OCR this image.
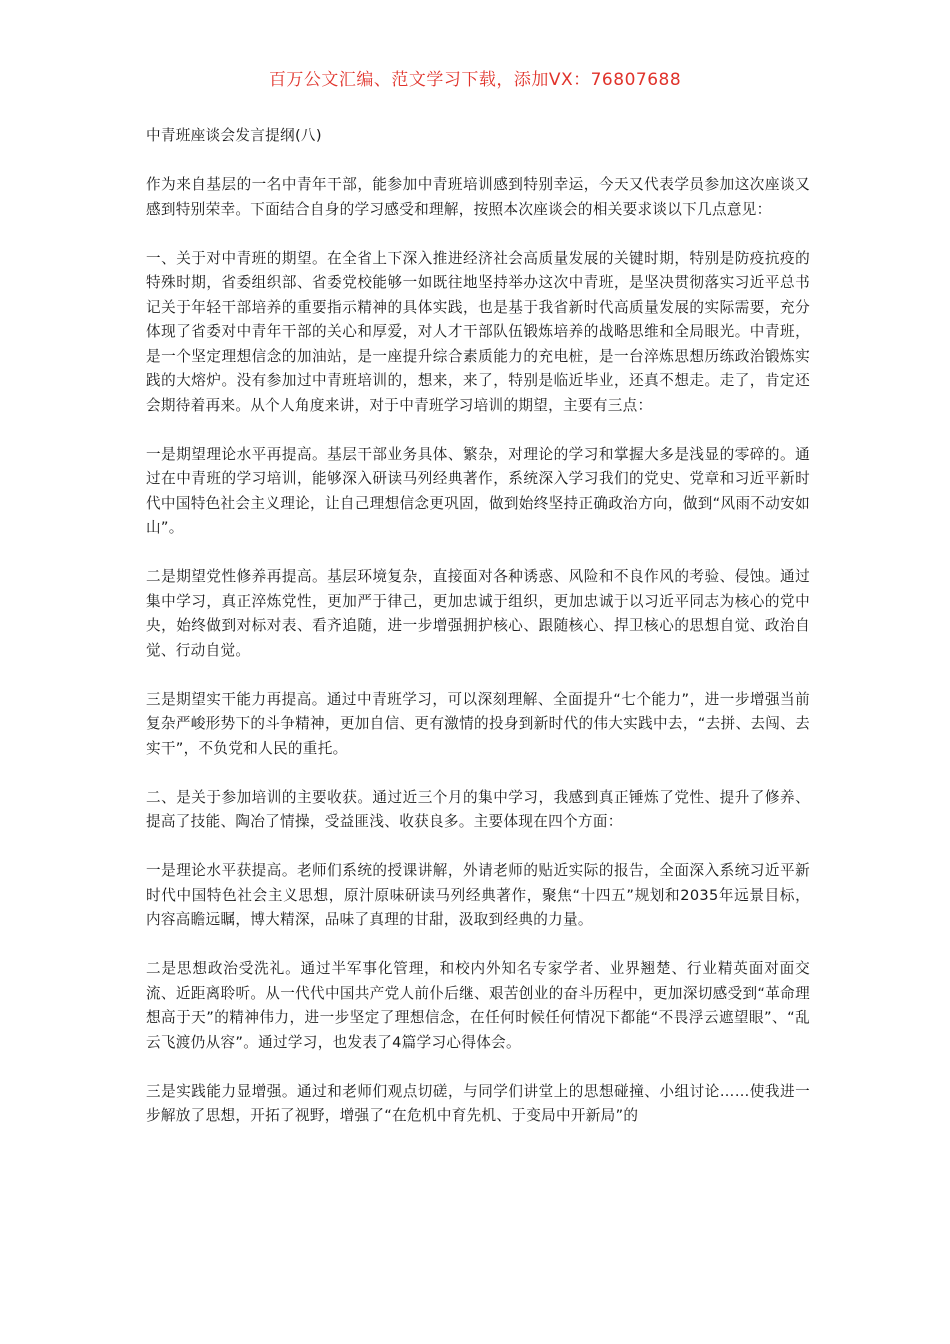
百万公文汇编、范文学习下载，添加VX：76807688
中青班座谈会发言提纲(八)
作为来自基层的一名中青年干部，能参加中青班培训感到特别幸运，今天又代表学员参加这次座谈又感到特别荣幸。下面结合自身的学习感受和理解，按照本次座谈会的相关要求谈以下几点意见：
一、关于对中青班的期望。在全省上下深入推进经济社会高质量发展的关键时期，特别是防疫抗疫的特殊时期，省委组织部、省委党校能够一如既往地坚持举办这次中青班，是坚决贯彻落实习近平总书记关于年轻干部培养的重要指示精神的具体实践，也是基于我省新时代高质量发展的实际需要，充分体现了省委对中青年干部的关心和厚爱，对人才干部队伍锻炼培养的战略思维和全局眼光。中青班，是一个坚定理想信念的加油站，是一座提升综合素质能力的充电桩，是一台淬炼思想历练政治锻炼实践的大熔炉。没有参加过中青班培训的，想来，来了，特别是临近毕业，还真不想走。走了，肯定还会期待着再来。从个人角度来讲，对于中青班学习培训的期望，主要有三点：
一是期望理论水平再提高。基层干部业务具体、繁杂，对理论的学习和掌握大多是浅显的零碎的。通过在中青班的学习培训，能够深入研读马列经典著作，系统深入学习我们的党史、党章和习近平新时代中国特色社会主义理论，让自己理想信念更巩固，做到始终坚持正确政治方向，做到“风雨不动安如山”。
二是期望党性修养再提高。基层环境复杂，直接面对各种诱惑、风险和不良作风的考验、侵蚀。通过集中学习，真正淬炼党性，更加严于律己，更加忠诚于组织，更加忠诚于以习近平同志为核心的党中央，始终做到对标对表、看齐追随，进一步增强拥护核心、跟随核心、捍卫核心的思想自觉、政治自觉、行动自觉。
三是期望实干能力再提高。通过中青班学习，可以深刻理解、全面提升“七个能力”，进一步增强当前复杂严峻形势下的斗争精神，更加自信、更有激情的投身到新时代的伟大实践中去，“去拼、去闯、去实干”，不负党和人民的重托。
二、是关于参加培训的主要收获。通过近三个月的集中学习，我感到真正锤炼了党性、提升了修养、提高了技能、陶冶了情操，受益匪浅、收获良多。主要体现在四个方面：
一是理论水平获提高。老师们系统的授课讲解，外请老师的贴近实际的报告，全面深入系统习近平新时代中国特色社会主义思想，原汁原味研读马列经典著作，聚焦“十四五”规划和2035年远景目标，内容高瞻远瞩，博大精深，品味了真理的甘甜，汲取到经典的力量。
二是思想政治受洗礼。通过半军事化管理，和校内外知名专家学者、业界翘楚、行业精英面对面交流、近距离聆听。从一代代中国共产党人前仆后继、艰苦创业的奋斗历程中，更加深切感受到“革命理想高于天”的精神伟力，进一步坚定了理想信念，在任何时候任何情况下都能“不畏浮云遮望眼”、“乱云飞渡仍从容”。通过学习，也发表了4篇学习心得体会。
三是实践能力显增强。通过和老师们观点切磋，与同学们讲堂上的思想碰撞、小组讨论……使我进一步解放了思想，开拓了视野，增强了“在危机中育先机、于变局中开新局”的
